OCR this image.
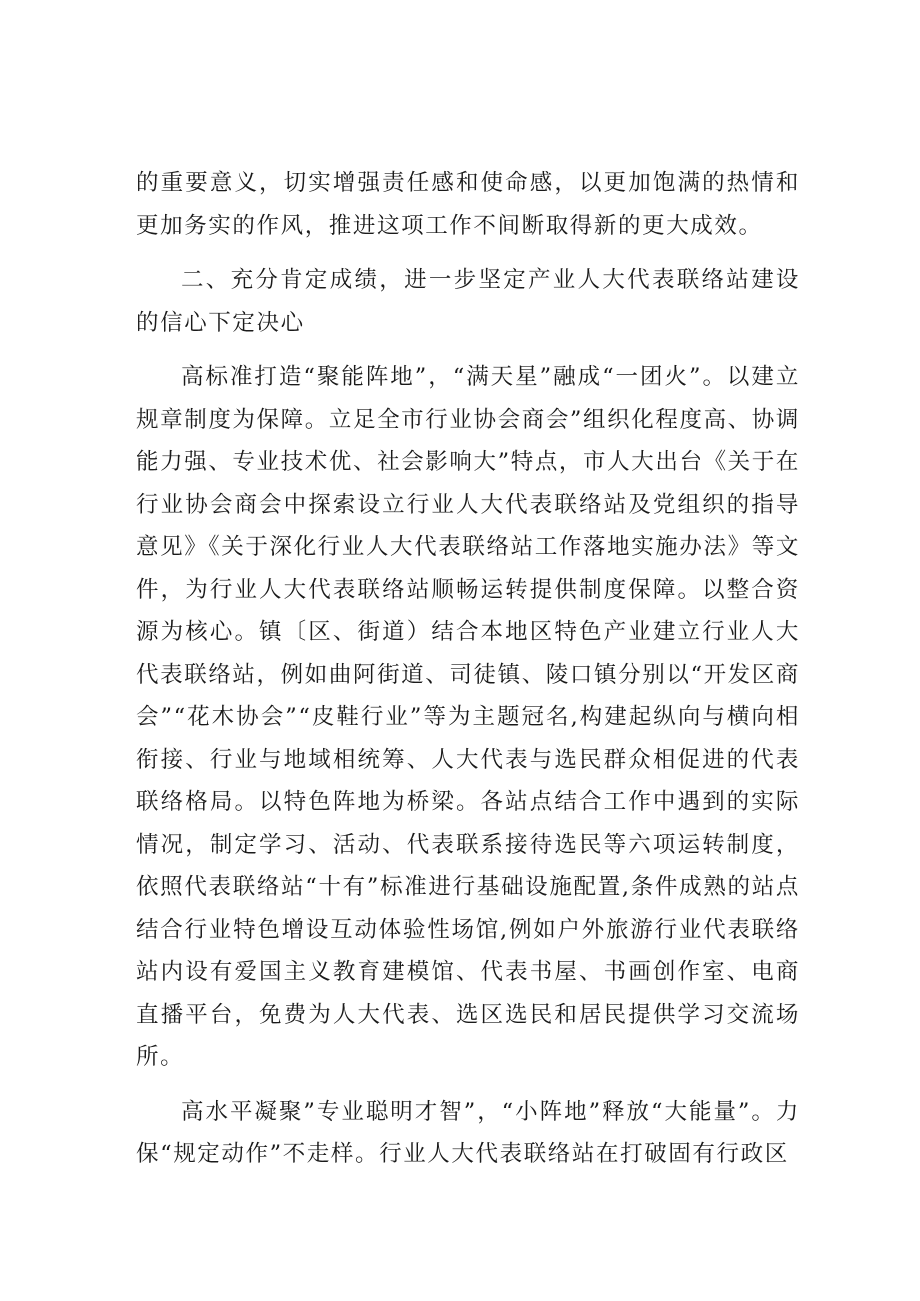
的重要意义，切实增强责任感和使命感，以更加饱满的热情和更加务实的作风，推进这项工作不间断取得新的更大成效。

二、充分肯定成绩，进一步坚定产业人大代表联络站建设的信心下定决心

高标准打造“聚能阵地”，“满天星”融成“一团火”。以建立规章制度为保障。立足全市行业协会商会”组织化程度高、协调能力强、专业技术优、社会影响大”特点，市人大出台《关于在行业协会商会中探索设立行业人大代表联络站及党组织的指导意见》《关于深化行业人大代表联络站工作落地实施办法》等文件，为行业人大代表联络站顺畅运转提供制度保障。以整合资源为核心。镇〔区、街道）结合本地区特色产业建立行业人大代表联络站，例如曲阿街道、司徒镇、陵口镇分别以“开发区商会”“花木协会”“皮鞋行业”等为主题冠名,构建起纵向与横向相衔接、行业与地域相统筹、人大代表与选民群众相促进的代表联络格局。以特色阵地为桥梁。各站点结合工作中遇到的实际情况，制定学习、活动、代表联系接待选民等六项运转制度，依照代表联络站“十有”标准进行基础设施配置,条件成熟的站点结合行业特色增设互动体验性场馆,例如户外旅游行业代表联络站内设有爱国主义教育建模馆、代表书屋、书画创作室、电商直播平台，免费为人大代表、选区选民和居民提供学习交流场所。

高水平凝聚”专业聪明才智”，“小阵地”释放“大能量”。力保“规定动作”不走样。行业人大代表联络站在打破固有行政区
